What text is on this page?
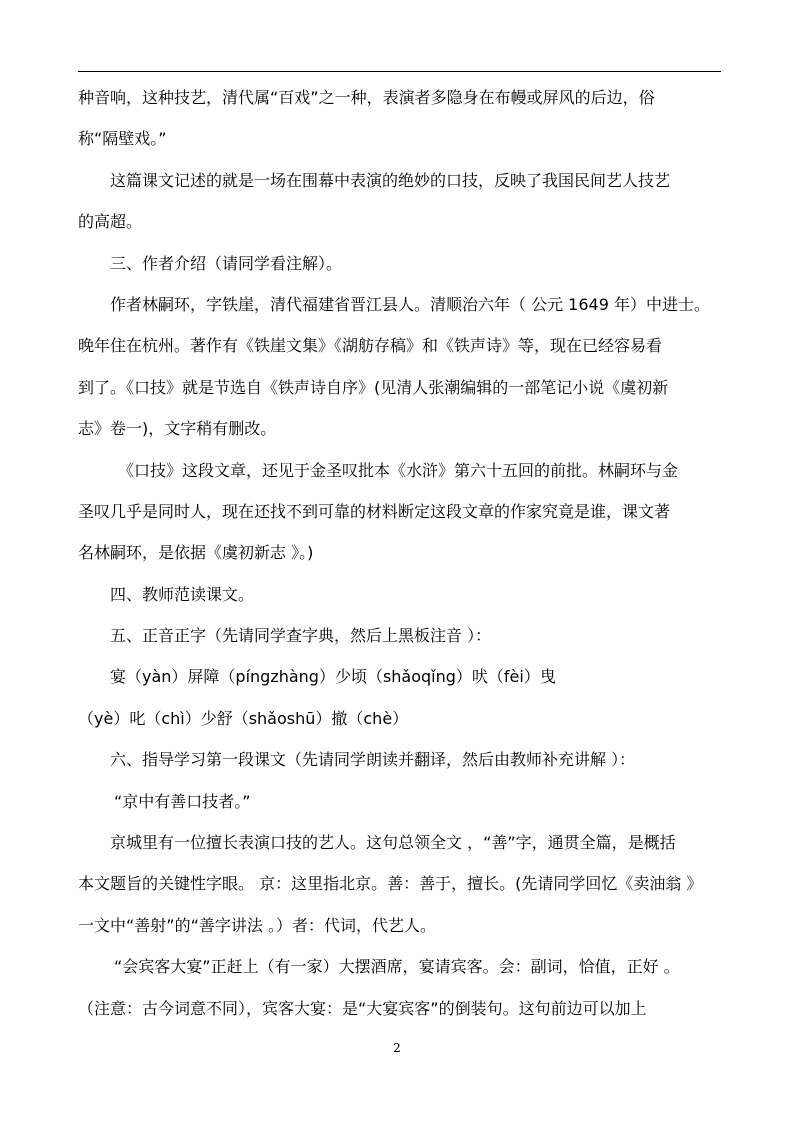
种音响，这种技艺，清代属“百戏”之一种，表演者多隐身在布幔或屏风的后边，俗
称“隔壁戏。”
这篇课文记述的就是一场在围幕中表演的绝妙的口技，反映了我国民间艺人技艺
的高超。
三、作者介绍（请同学看注解）。
作者林嗣环，字铁崖，清代福建省晋江县人。清顺治六年（ 公元 1649 年）中进士。
晚年住在杭州。著作有《铁崖文集》《湖舫存稿》和《铁声诗》等，现在已经容易看
到了。《口技》就是节选自《铁声诗自序》(见清人张潮编辑的一部笔记小说《虞初新
志》卷一)，文字稍有删改。
《口技》这段文章，还见于金圣叹批本《水浒》第六十五回的前批。林嗣环与金
圣叹几乎是同时人，现在还找不到可靠的材料断定这段文章的作家究竟是谁，课文著
名林嗣环，是依据《虞初新志 》。)
四、教师范读课文。
五、正音正字（先请同学查字典，然后上黑板注音 ）：
宴（yàn）屏障（píngzhàng）少顷（shǎoqǐng）吠（fèi）曳
（yè）叱（chì）少舒（shǎoshū）撤（chè）
六、指导学习第一段课文（先请同学朗读并翻译，然后由教师补充讲解 ）：
“京中有善口技者。”
京城里有一位擅长表演口技的艺人。这句总领全文 ，“善”字，通贯全篇，是概括
本文题旨的关键性字眼。 京：这里指北京。善：善于，擅长。(先请同学回忆《卖油翁 》
一文中“善射”的“善字讲法 。）者：代词，代艺人。
“会宾客大宴”正赶上（有一家）大摆酒席，宴请宾客。会：副词，恰值，正好 。
（注意：古今词意不同），宾客大宴：是“大宴宾客”的倒装句。这句前边可以加上
2
